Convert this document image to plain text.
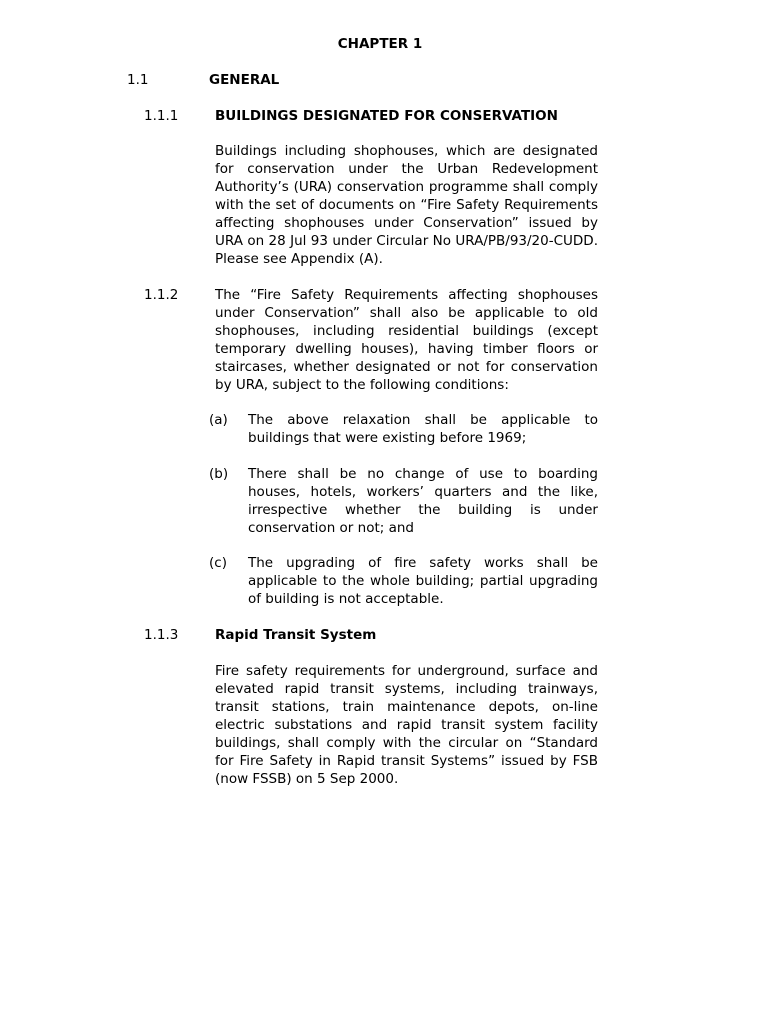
CHAPTER 1
1.1	GENERAL
1.1.1	BUILDINGS DESIGNATED FOR CONSERVATION
Buildings including shophouses, which are designated for conservation under the Urban Redevelopment Authority’s (URA) conservation programme shall comply with the set of documents on “Fire Safety Requirements affecting shophouses under Conservation” issued by URA on 28 Jul 93 under Circular No URA/PB/93/20-CUDD. Please see Appendix (A).
1.1.2	The “Fire Safety Requirements affecting shophouses under Conservation” shall also be applicable to old shophouses, including residential buildings (except temporary dwelling houses), having timber floors or staircases, whether designated or not for conservation by URA, subject to the following conditions:
(a) The above relaxation shall be applicable to buildings that were existing before 1969;
(b) There shall be no change of use to boarding houses, hotels, workers’ quarters and the like, irrespective whether the building is under conservation or not; and
(c) The upgrading of fire safety works shall be applicable to the whole building; partial upgrading of building is not acceptable.
1.1.3	Rapid Transit System
Fire safety requirements for underground, surface and elevated rapid transit systems, including trainways, transit stations, train maintenance depots, on-line electric substations and rapid transit system facility buildings, shall comply with the circular on “Standard for Fire Safety in Rapid transit Systems” issued by FSB (now FSSB) on 5 Sep 2000.
